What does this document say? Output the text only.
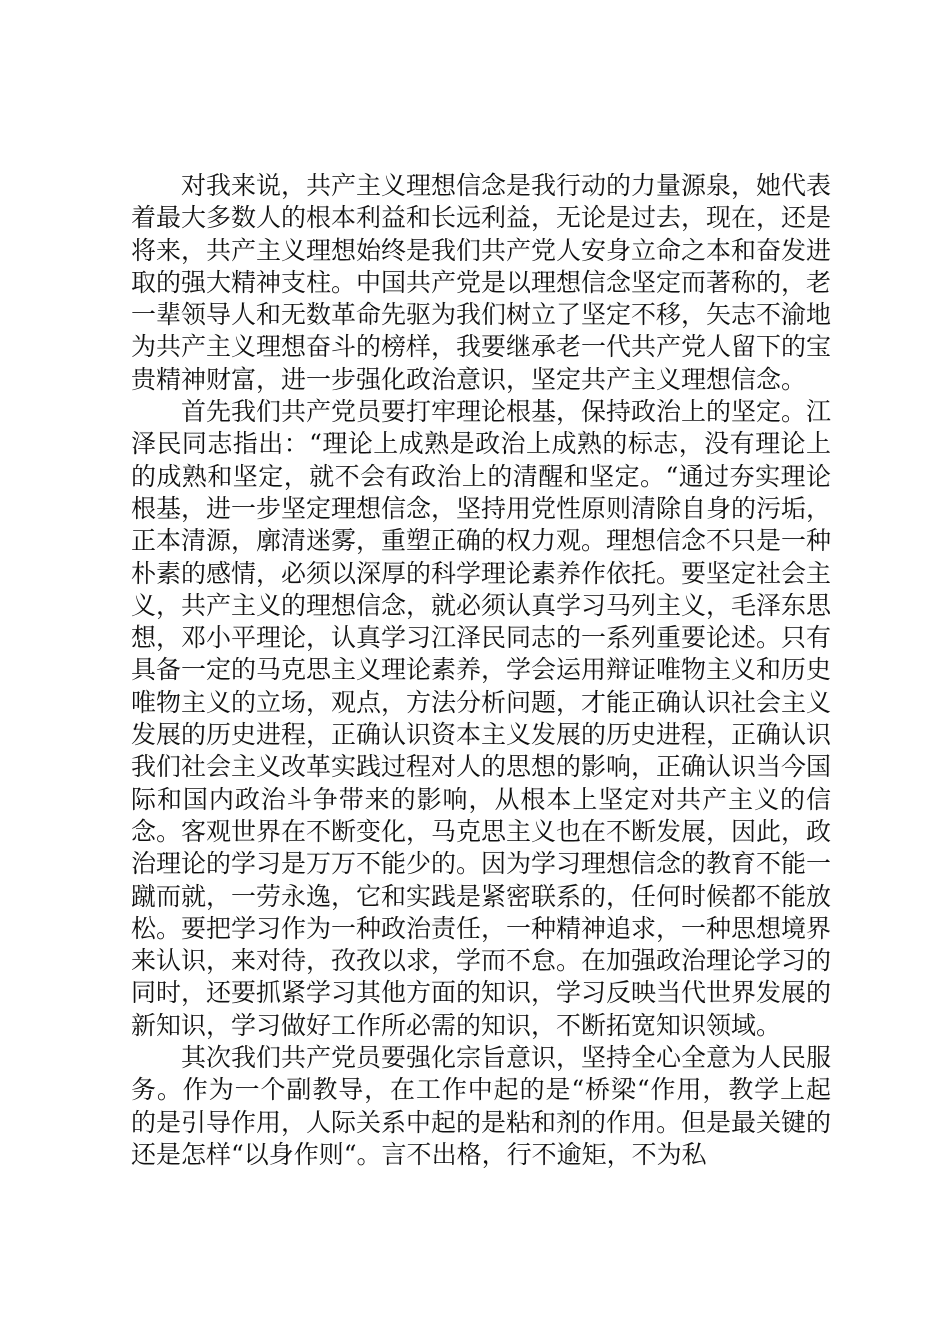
对我来说，共产主义理想信念是我行动的力量源泉，她代表着最大多数人的根本利益和长远利益，无论是过去，现在，还是将来，共产主义理想始终是我们共产党人安身立命之本和奋发进取的强大精神支柱。中国共产党是以理想信念坚定而著称的，老一辈领导人和无数革命先驱为我们树立了坚定不移，矢志不渝地为共产主义理想奋斗的榜样，我要继承老一代共产党人留下的宝贵精神财富，进一步强化政治意识，坚定共产主义理想信念。

首先我们共产党员要打牢理论根基，保持政治上的坚定。江泽民同志指出：“理论上成熟是政治上成熟的标志，没有理论上的成熟和坚定，就不会有政治上的清醒和坚定。“通过夯实理论根基，进一步坚定理想信念，坚持用党性原则清除自身的污垢，正本清源，廓清迷雾，重塑正确的权力观。理想信念不只是一种朴素的感情，必须以深厚的科学理论素养作依托。要坚定社会主义，共产主义的理想信念，就必须认真学习马列主义，毛泽东思想，邓小平理论，认真学习江泽民同志的一系列重要论述。只有具备一定的马克思主义理论素养，学会运用辩证唯物主义和历史唯物主义的立场，观点，方法分析问题，才能正确认识社会主义发展的历史进程，正确认识资本主义发展的历史进程，正确认识我们社会主义改革实践过程对人的思想的影响，正确认识当今国际和国内政治斗争带来的影响，从根本上坚定对共产主义的信念。客观世界在不断变化，马克思主义也在不断发展，因此，政治理论的学习是万万不能少的。因为学习理想信念的教育不能一蹴而就，一劳永逸，它和实践是紧密联系的，任何时候都不能放松。要把学习作为一种政治责任，一种精神追求，一种思想境界来认识，来对待，孜孜以求，学而不怠。在加强政治理论学习的同时，还要抓紧学习其他方面的知识，学习反映当代世界发展的新知识，学习做好工作所必需的知识，不断拓宽知识领域。

其次我们共产党员要强化宗旨意识，坚持全心全意为人民服务。作为一个副教导，在工作中起的是“桥梁“作用，教学上起的是引导作用，人际关系中起的是粘和剂的作用。但是最关键的还是怎样“以身作则“。言不出格，行不逾矩，不为私
